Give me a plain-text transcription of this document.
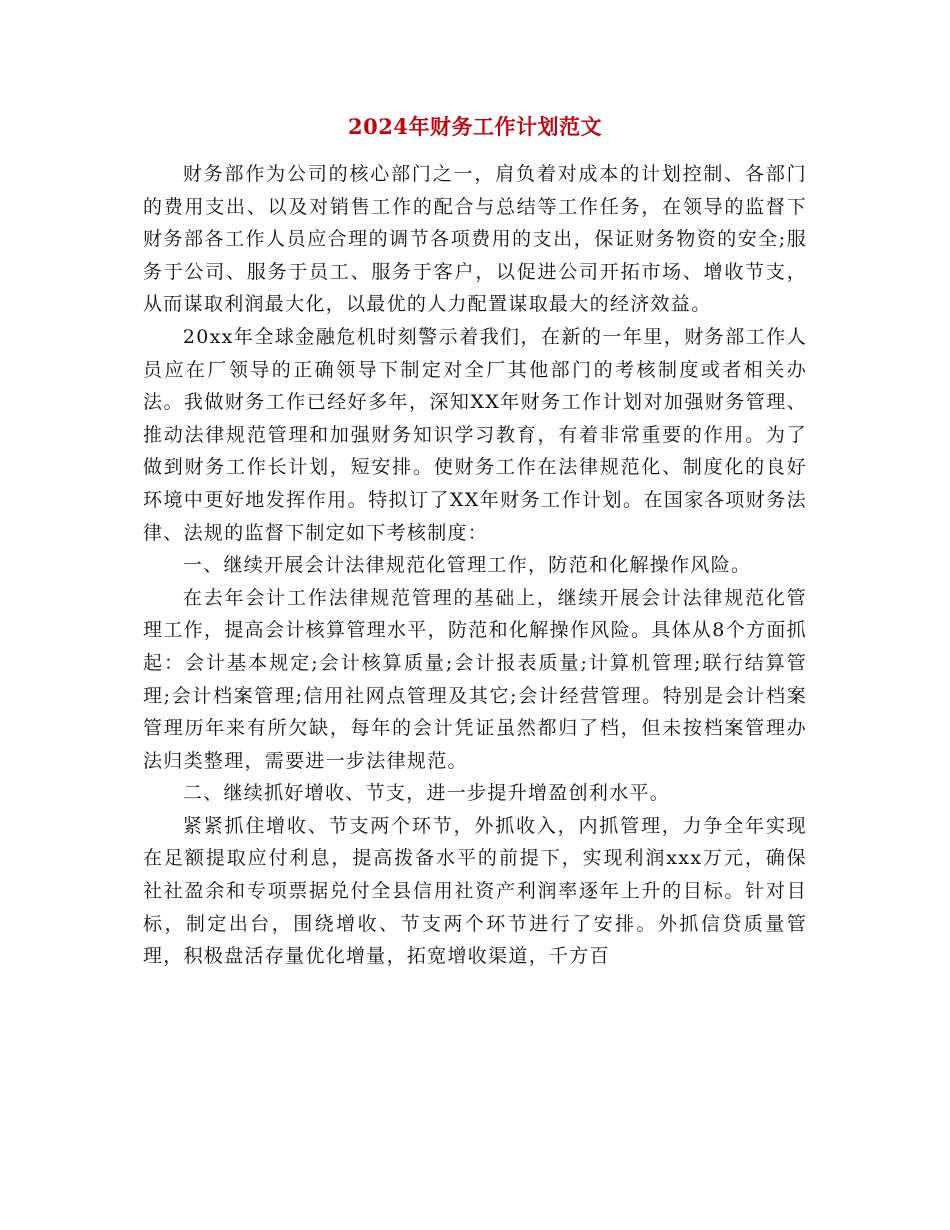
2024年财务工作计划范文

财务部作为公司的核心部门之一，肩负着对成本的计划控制、各部门的费用支出、以及对销售工作的配合与总结等工作任务，在领导的监督下财务部各工作人员应合理的调节各项费用的支出，保证财务物资的安全;服务于公司、服务于员工、服务于客户，以促进公司开拓市场、增收节支，从而谋取利润最大化，以最优的人力配置谋取最大的经济效益。

20xx年全球金融危机时刻警示着我们，在新的一年里，财务部工作人员应在厂领导的正确领导下制定对全厂其他部门的考核制度或者相关办法。我做财务工作已经好多年，深知XX年财务工作计划对加强财务管理、推动法律规范管理和加强财务知识学习教育，有着非常重要的作用。为了做到财务工作长计划，短安排。使财务工作在法律规范化、制度化的良好环境中更好地发挥作用。特拟订了XX年财务工作计划。在国家各项财务法律、法规的监督下制定如下考核制度：

一、继续开展会计法律规范化管理工作，防范和化解操作风险。

在去年会计工作法律规范管理的基础上，继续开展会计法律规范化管理工作，提高会计核算管理水平，防范和化解操作风险。具体从8个方面抓起：会计基本规定;会计核算质量;会计报表质量;计算机管理;联行结算管理;会计档案管理;信用社网点管理及其它;会计经营管理。特别是会计档案管理历年来有所欠缺，每年的会计凭证虽然都归了档，但未按档案管理办法归类整理，需要进一步法律规范。

二、继续抓好增收、节支，进一步提升增盈创利水平。

紧紧抓住增收、节支两个环节，外抓收入，内抓管理，力争全年实现在足额提取应付利息，提高拨备水平的前提下，实现利润xxx万元，确保社社盈余和专项票据兑付全县信用社资产利润率逐年上升的目标。针对目标，制定出台，围绕增收、节支两个环节进行了安排。外抓信贷质量管理，积极盘活存量优化增量，拓宽增收渠道，千方百
